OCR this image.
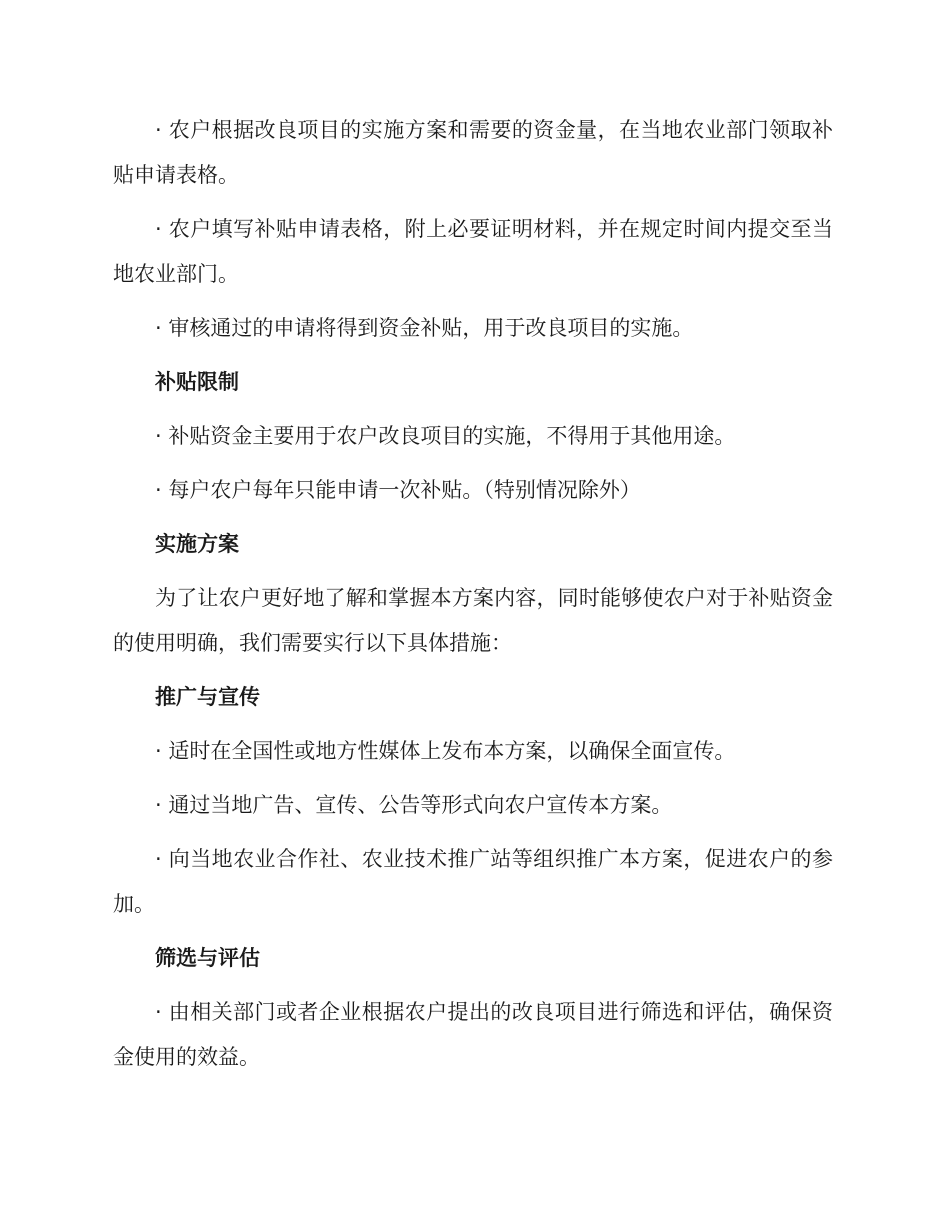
· 农户根据改良项目的实施方案和需要的资金量，在当地农业部门领取补贴申请表格。

· 农户填写补贴申请表格，附上必要证明材料，并在规定时间内提交至当地农业部门。

· 审核通过的申请将得到资金补贴，用于改良项目的实施。

补贴限制

· 补贴资金主要用于农户改良项目的实施，不得用于其他用途。

· 每户农户每年只能申请一次补贴。（特别情况除外）

实施方案

为了让农户更好地了解和掌握本方案内容，同时能够使农户对于补贴资金的使用明确，我们需要实行以下具体措施：

推广与宣传

· 适时在全国性或地方性媒体上发布本方案，以确保全面宣传。

· 通过当地广告、宣传、公告等形式向农户宣传本方案。

· 向当地农业合作社、农业技术推广站等组织推广本方案，促进农户的参加。

筛选与评估

· 由相关部门或者企业根据农户提出的改良项目进行筛选和评估，确保资金使用的效益。
